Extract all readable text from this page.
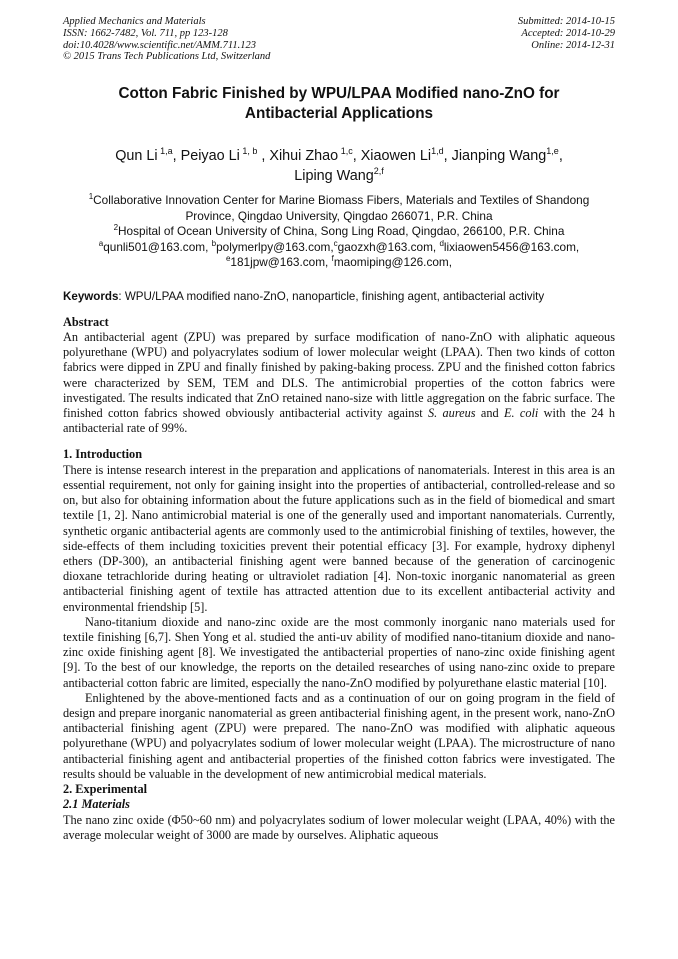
Applied Mechanics and Materials
ISSN: 1662-7482, Vol. 711, pp 123-128
doi:10.4028/www.scientific.net/AMM.711.123
© 2015 Trans Tech Publications Ltd, Switzerland
Submitted: 2014-10-15
Accepted: 2014-10-29
Online: 2014-12-31
Cotton Fabric Finished by WPU/LPAA Modified nano-ZnO for Antibacterial Applications
Qun Li $^{1,a}$, Peiyao Li $^{1, b}$ , Xihui Zhao $^{1,c}$, Xiaowen Li$^{1,d}$, Jianping Wang$^{1,e}$,
Liping Wang$^{2,f}$
$^1$Collaborative Innovation Center for Marine Biomass Fibers, Materials and Textiles of Shandong Province, Qingdao University, Qingdao 266071, P.R. China
$^2$Hospital of Ocean University of China, Song Ling Road, Qingdao, 266100, P.R. China
$^a$qunli501@163.com, $^b$polymerlpy@163.com,$^c$gaozxh@163.com, $^d$lixiaowen5456@163.com,
$^e$181jpw@163.com, $^f$maomiping@126.com,
Keywords: WPU/LPAA modified nano-ZnO, nanoparticle, finishing agent, antibacterial activity
Abstract

An antibacterial agent (ZPU) was prepared by surface modification of nano-ZnO with aliphatic aqueous polyurethane (WPU) and polyacrylates sodium of lower molecular weight (LPAA). Then two kinds of cotton fabrics were dipped in ZPU and finally finished by paking-baking process. ZPU and the finished cotton fabrics were characterized by SEM, TEM and DLS. The antimicrobial properties of the cotton fabrics were investigated. The results indicated that ZnO retained nano-size with little aggregation on the fabric surface. The finished cotton fabrics showed obviously antibacterial activity against S. aureus and E. coli with the 24 h antibacterial rate of 99%.

1. Introduction

There is intense research interest in the preparation and applications of nanomaterials. Interest in this area is an essential requirement, not only for gaining insight into the properties of antibacterial, controlled-release and so on, but also for obtaining information about the future applications such as in the field of biomedical and smart textile [1, 2]. Nano antimicrobial material is one of the generally used and important nanomaterials. Currently, synthetic organic antibacterial agents are commonly used to the antimicrobial finishing of textiles, however, the side-effects of them including toxicities prevent their potential efficacy [3]. For example, hydroxy diphenyl ethers (DP-300), an antibacterial finishing agent were banned because of the generation of carcinogenic dioxane tetrachloride during heating or ultraviolet radiation [4]. Non-toxic inorganic nanomaterial as green antibacterial finishing agent of textile has attracted attention due to its excellent antibacterial activity and environmental friendship [5].

Nano-titanium dioxide and nano-zinc oxide are the most commonly inorganic nano materials used for textile finishing [6,7]. Shen Yong et al. studied the anti-uv ability of modified nano-titanium dioxide and nano-zinc oxide finishing agent [8]. We investigated the antibacterial properties of nano-zinc oxide finishing agent [9]. To the best of our knowledge, the reports on the detailed researches of using nano-zinc oxide to prepare antibacterial cotton fabric are limited, especially the nano-ZnO modified by polyurethane elastic material [10].

Enlightened by the above-mentioned facts and as a continuation of our on going program in the field of design and prepare inorganic nanomaterial as green antibacterial finishing agent, in the present work, nano-ZnO antibacterial finishing agent (ZPU) were prepared. The nano-ZnO was modified with aliphatic aqueous polyurethane (WPU) and polyacrylates sodium of lower molecular weight (LPAA). The microstructure of nano antibacterial finishing agent and antibacterial properties of the finished cotton fabrics were investigated. The results should be valuable in the development of new antimicrobial medical materials.

2. Experimental
2.1 Materials

The nano zinc oxide (Φ50~60 nm) and polyacrylates sodium of lower molecular weight (LPAA, 40%) with the average molecular weight of 3000 are made by ourselves. Aliphatic aqueous
